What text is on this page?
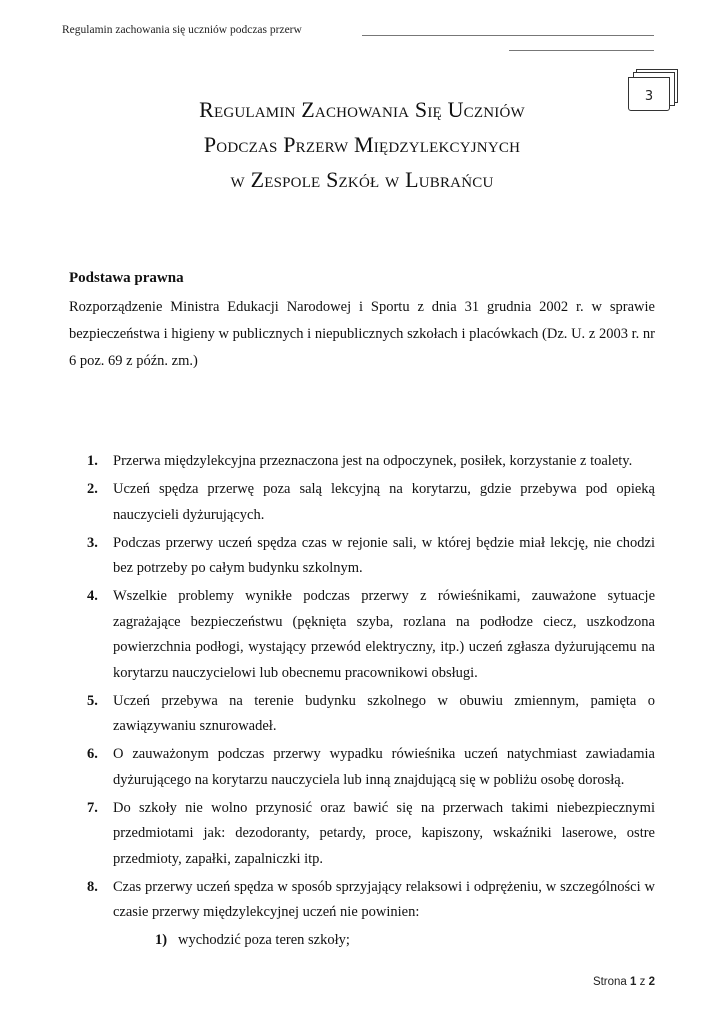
Regulamin zachowania się uczniów podczas przerw
3
Regulamin Zachowania Się Uczniów
Podczas Przerw Międzylekcyjnych
w Zespole Szkół w Lubrańcu
Podstawa prawna
Rozporządzenie Ministra Edukacji Narodowej i Sportu z dnia 31 grudnia 2002 r. w sprawie bezpieczeństwa i higieny w publicznych i niepublicznych szkołach i placówkach (Dz. U. z 2003 r. nr 6 poz. 69 z późn. zm.)
1. Przerwa międzylekcyjna przeznaczona jest na odpoczynek, posiłek, korzystanie z toalety.
2. Uczeń spędza przerwę poza salą lekcyjną na korytarzu, gdzie przebywa pod opieką nauczycieli dyżurujących.
3. Podczas przerwy uczeń spędza czas w rejonie sali, w której będzie miał lekcję, nie chodzi bez potrzeby po całym budynku szkolnym.
4. Wszelkie problemy wynikłe podczas przerwy z rówieśnikami, zauważone sytuacje zagrażające bezpieczeństwu (pęknięta szyba, rozlana na podłodze ciecz, uszkodzona powierzchnia podłogi, wystający przewód elektryczny, itp.) uczeń zgłasza dyżurującemu na korytarzu nauczycielowi lub obecnemu pracownikowi obsługi.
5. Uczeń przebywa na terenie budynku szkolnego w obuwiu zmiennym, pamięta o zawiązywaniu sznurowadeł.
6. O zauważonym podczas przerwy wypadku rówieśnika uczeń natychmiast zawiadamia dyżurującego na korytarzu nauczyciela lub inną znajdującą się w pobliżu osobę dorosłą.
7. Do szkoły nie wolno przynosić oraz bawić się na przerwach takimi niebezpiecznymi przedmiotami jak: dezodoranty, petardy, proce, kapiszony, wskaźniki laserowe, ostre przedmioty, zapałki, zapalniczki itp.
8. Czas przerwy uczeń spędza w sposób sprzyjający relaksowi i odprężeniu, w szczególności w czasie przerwy międzylekcyjnej uczeń nie powinien:
1) wychodzić poza teren szkoły;
Strona 1 z 2
